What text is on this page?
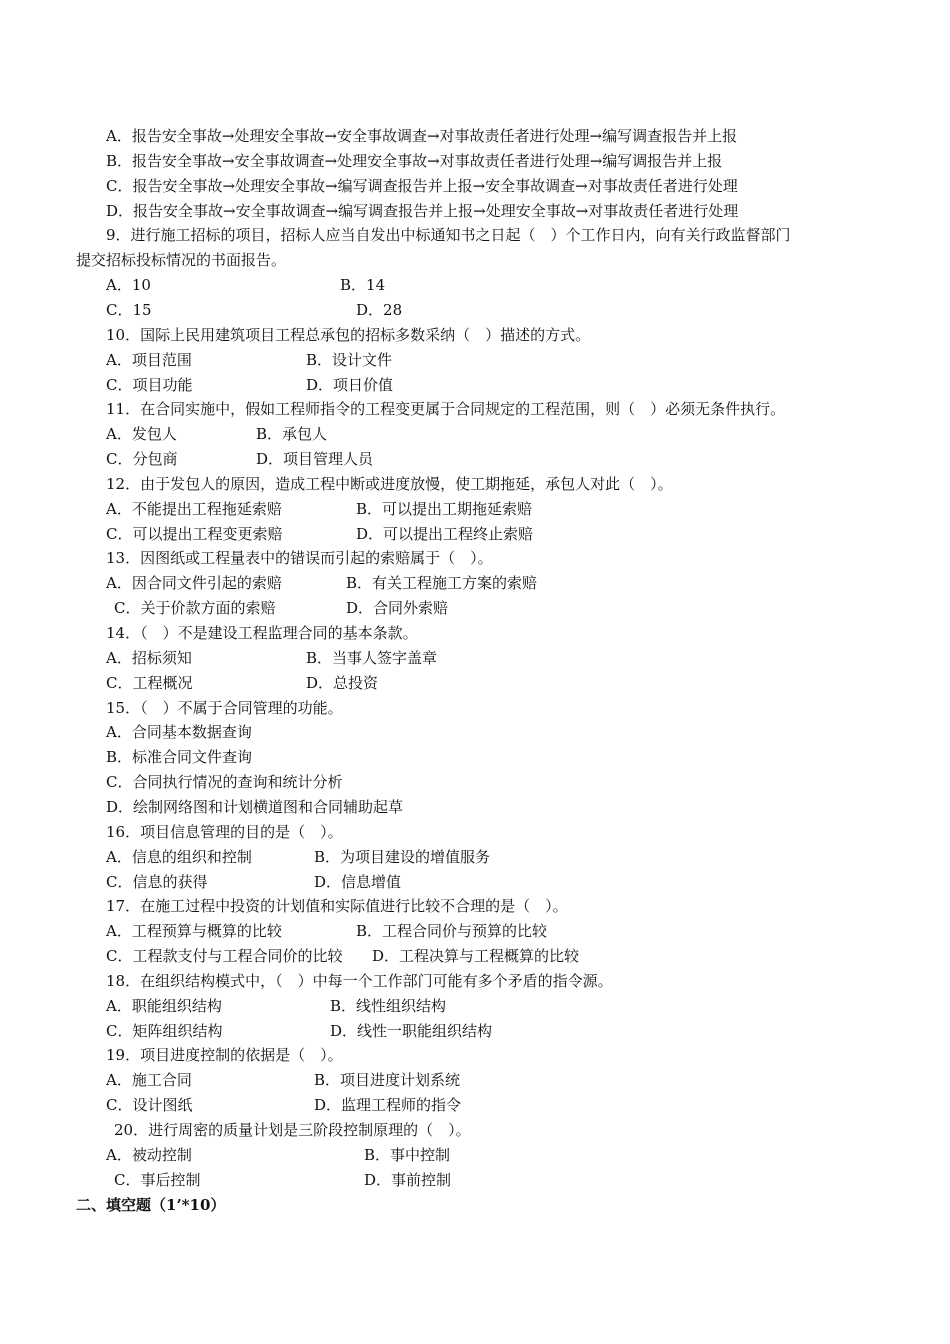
A．报告安全事故→处理安全事故→安全事故调查→对事故责任者进行处理→编写调查报告并上报
B．报告安全事故→安全事故调查→处理安全事故→对事故责任者进行处理→编写调报告并上报
C．报告安全事故→处理安全事故→编写调查报告并上报→安全事故调查→对事故责任者进行处理
D．报告安全事故→安全事故调查→编写调查报告并上报→处理安全事故→对事故责任者进行处理
9．进行施工招标的项目，招标人应当自发出中标通知书之日起（　）个工作日内，向有关行政监督部门
提交招标投标情况的书面报告。
A．10	B．14
C．15	D．28
10．国际上民用建筑项目工程总承包的招标多数采纳（　）描述的方式。
A．项目范围	B．设计文件
C．项目功能	D．项日价值
11．在合同实施中，假如工程师指令的工程变更属于合同规定的工程范围，则（　）必须无条件执行。
A．发包人	B．承包人
C．分包商	D．项目管理人员
12．由于发包人的原因，造成工程中断或进度放慢，使工期拖延，承包人对此（　）。
A．不能提出工程拖延索赔	B．可以提出工期拖延索赔
C．可以提出工程变更索赔	D．可以提出工程终止索赔
13．因图纸或工程量表中的错误而引起的索赔属于（　）。
A．因合同文件引起的索赔	B．有关工程施工方案的索赔
C．关于价款方面的索赔	D．合同外索赔
14．（　）不是建设工程监理合同的基本条款。
A．招标须知	B．当事人签字盖章
C．工程概况	D．总投资
15．（　）不属于合同管理的功能。
A．合同基本数据查询
B．标准合同文件查询
C．合同执行情况的查询和统计分析
D．绘制网络图和计划横道图和合同辅助起草
16．项目信息管理的目的是（　）。
A．信息的组织和控制	B．为项目建设的增值服务
C．信息的获得	D．信息增值
17．在施工过程中投资的计划值和实际值进行比较不合理的是（　）。
A．工程预算与概算的比较	B．工程合同价与预算的比较
C．工程款支付与工程合同价的比较 D．工程决算与工程概算的比较
18．在组织结构模式中，（　）中每一个工作部门可能有多个矛盾的指令源。
A．职能组织结构	B．线性组织结构
C．矩阵组织结构	D．线性一职能组织结构
19．项目进度控制的依据是（　）。
A．施工合同	B．项目进度计划系统
C．设计图纸	D．监理工程师的指令
20．进行周密的质量计划是三阶段控制原理的（　）。
A．被动控制	B．事中控制
C．事后控制	D．事前控制
二、填空题（1’*10）
